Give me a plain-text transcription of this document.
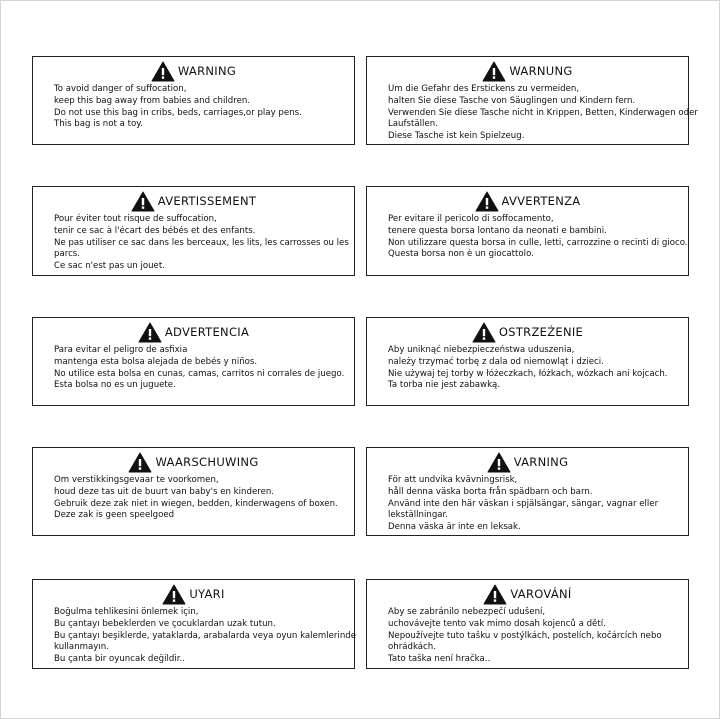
WARNING
To avoid danger of suffocation,
keep this bag away from babies and children.
Do not use this bag in cribs, beds, carriages,or play pens.
This bag is not a toy.
WARNUNG
Um die Gefahr des Erstickens zu vermeiden,
halten Sie diese Tasche von Säuglingen und Kindern fern.
Verwenden Sie diese Tasche nicht in Krippen, Betten, Kinderwagen oder
Laufställen.
Diese Tasche ist kein Spielzeug.
AVERTISSEMENT
Pour éviter tout risque de suffocation,
tenir ce sac à l'écart des bébés et des enfants.
Ne pas utiliser ce sac dans les berceaux, les lits, les carrosses ou les
parcs.
Ce sac n'est pas un jouet.
AVVERTENZA
Per evitare il pericolo di soffocamento,
tenere questa borsa lontano da neonati e bambini.
Non utilizzare questa borsa in culle, letti, carrozzine o recinti di gioco.
Questa borsa non è un giocattolo.
ADVERTENCIA
Para evitar el peligro de asfixia
mantenga esta bolsa alejada de bebés y niños.
No utilice esta bolsa en cunas, camas, carritos ni corrales de juego.
Esta bolsa no es un juguete.
OSTRZEŻENIE
Aby uniknąć niebezpieczeństwa uduszenia,
należy trzymać torbę z dala od niemowląt i dzieci.
Nie używaj tej torby w łóżeczkach, łóżkach, wózkach ani kojcach.
Ta torba nie jest zabawką.
WAARSCHUWING
Om verstikkingsgevaar te voorkomen,
houd deze tas uit de buurt van baby's en kinderen.
Gebruik deze zak niet in wiegen, bedden, kinderwagens of boxen.
Deze zak is geen speelgoed
VARNING
För att undvika kvävningsrisk,
håll denna väska borta från spädbarn och barn.
Använd inte den här väskan i spjälsängar, sängar, vagnar eller
lekställningar.
Denna väska är inte en leksak.
UYARI
Boğulma tehlikesini önlemek için,
Bu çantayı bebeklerden ve çocuklardan uzak tutun.
Bu çantayı beşiklerde, yataklarda, arabalarda veya oyun kalemlerinde
kullanmayın.
Bu çanta bir oyuncak değildir..
VAROVÁNÍ
Aby se zabránilo nebezpečí udušení,
uchovávejte tento vak mimo dosah kojenců a dětí.
Nepoužívejte tuto tašku v postýlkách, postelích, kočárcích nebo
ohrádkách.
Tato taška není hračka..
